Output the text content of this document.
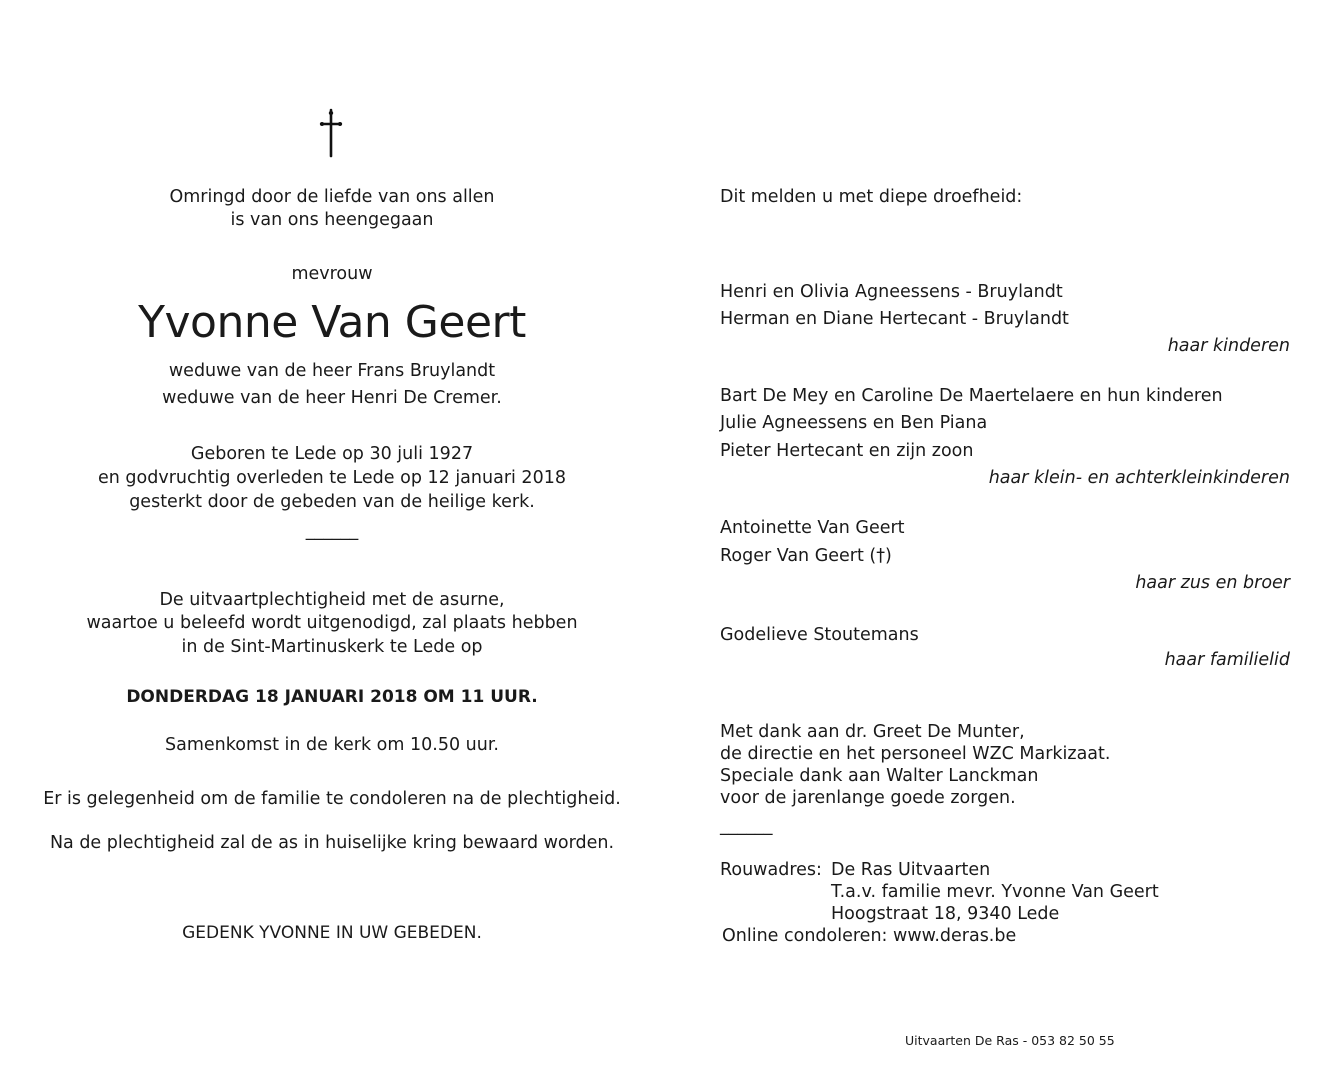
Omringd door de liefde van ons allen
is van ons heengegaan
mevrouw
Yvonne Van Geert
weduwe van de heer Frans Bruylandt
weduwe van de heer Henri De Cremer.
Geboren te Lede op 30 juli 1927
en godvruchtig overleden te Lede op 12 januari 2018
gesterkt door de gebeden van de heilige kerk.
______
De uitvaartplechtigheid met de asurne,
waartoe u beleefd wordt uitgenodigd, zal plaats hebben
in de Sint-Martinuskerk te Lede op
DONDERDAG 18 JANUARI 2018 OM 11 UUR.
Samenkomst in de kerk om 10.50 uur.
Er is gelegenheid om de familie te condoleren na de plechtigheid.
Na de plechtigheid zal de as in huiselijke kring bewaard worden.
GEDENK YVONNE IN UW GEBEDEN.
Dit melden u met diepe droefheid:
Henri en Olivia Agneessens - Bruylandt
Herman en Diane Hertecant - Bruylandt
haar kinderen
Bart De Mey en Caroline De Maertelaere en hun kinderen
Julie Agneessens en Ben Piana
Pieter Hertecant en zijn zoon
haar klein- en achterkleinkinderen
Antoinette Van Geert
Roger Van Geert (†)
haar zus en broer
Godelieve Stoutemans
haar familielid
Met dank aan dr. Greet De Munter,
de directie en het personeel WZC Markizaat.
Speciale dank aan Walter Lanckman
voor de jarenlange goede zorgen.
______
Rouwadres: De Ras Uitvaarten
T.a.v. familie mevr. Yvonne Van Geert
Hoogstraat 18, 9340 Lede
Online condoleren: www.deras.be
Uitvaarten De Ras - 053 82 50 55
